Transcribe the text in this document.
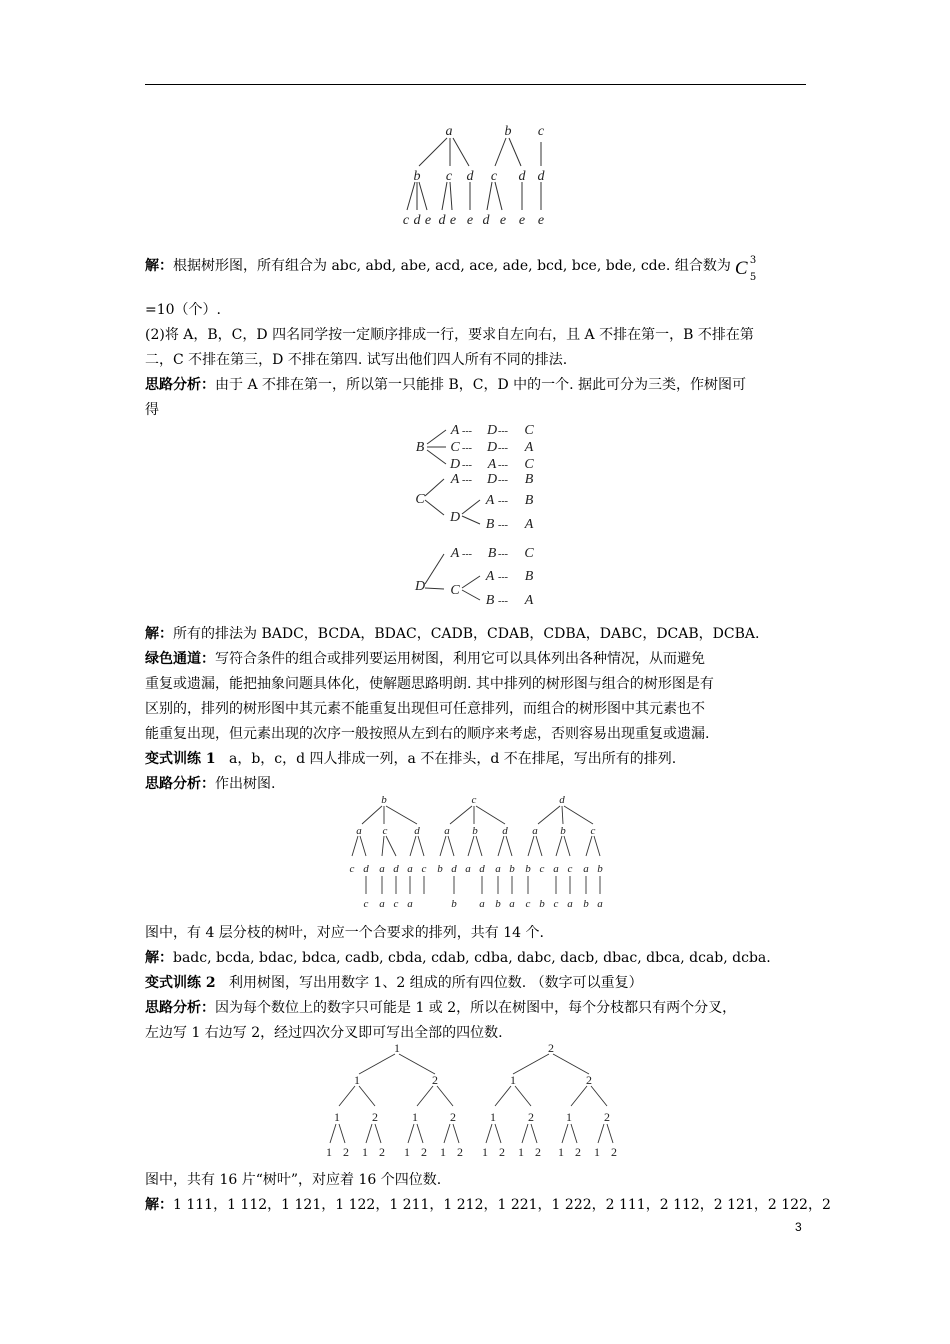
a	b c
b c d c d d
c d e d e e d e e e
解：根据树形图，所有组合为 abc, abd, abe, acd, ace, ade, bcd, bce, bde, cde. 组合数为 C 3
5
=10（个）.
(2)将 A，B，C，D 四名同学按一定顺序排成一行，要求自左向右，且 A 不排在第一，B 不排在第
二，C 不排在第三，D 不排在第四. 试写出他们四人所有不同的排法.
思路分析：由于 A 不排在第一，所以第一只能排 B，C，D 中的一个. 据此可分为三类，作树图可
得
---	---
---	---
---	---
---	---
---
---
---	---
---
---
B
A D C
C D A
D A C
C
A D B
D
A B
B A
D
A B C
C
A B
B A
解：所有的排法为 BADC，BCDA，BDAC，CADB，CDAB，CDBA，DABC，DCAB，DCBA.
绿色通道：写符合条件的组合或排列要运用树图，利用它可以具体列出各种情况，从而避免
重复或遗漏，能把抽象问题具体化，使解题思路明朗. 其中排列的树形图与组合的树形图是有
区别的，排列的树形图中其元素不能重复出现但可任意排列，而组合的树形图中其元素也不
能重复出现，但元素出现的次序一般按照从左到右的顺序来考虑，否则容易出现重复或遗漏.
变式训练 1 a，b，c，d 四人排成一列，a 不在排头，d 不在排尾，写出所有的排列.
思路分析：作出树图.
b	c	d
a c d a b d a b c
c d a d a c b d a d a b b c a c a b
c a c a	b a b a c b c a b a
图中，有 4 层分枝的树叶，对应一个合要求的排列，共有 14 个.
解：badc, bcda, bdac, bdca, cadb, cbda, cdab, cdba, dabc, dacb, dbac, dbca, dcab, dcba.
变式训练 2 利用树图，写出用数字 1、2 组成的所有四位数. （数字可以重复）
思路分析：因为每个数位上的数字只可能是 1 或 2，所以在树图中，每个分枝都只有两个分叉，
左边写 1 右边写 2，经过四次分叉即可写出全部的四位数.
1	2
1	2	1	2
1	2	1	2	1	2	1	2
1 2 1 2 1 2 1 2 1 2 1 2 1 2 1 2
图中，共有 16 片“树叶”，对应着 16 个四位数.
解：1 111，1 112，1 121，1 122，1 211，1 212，1 221，1 222，2 111，2 112，2 121，2 122，2
3
